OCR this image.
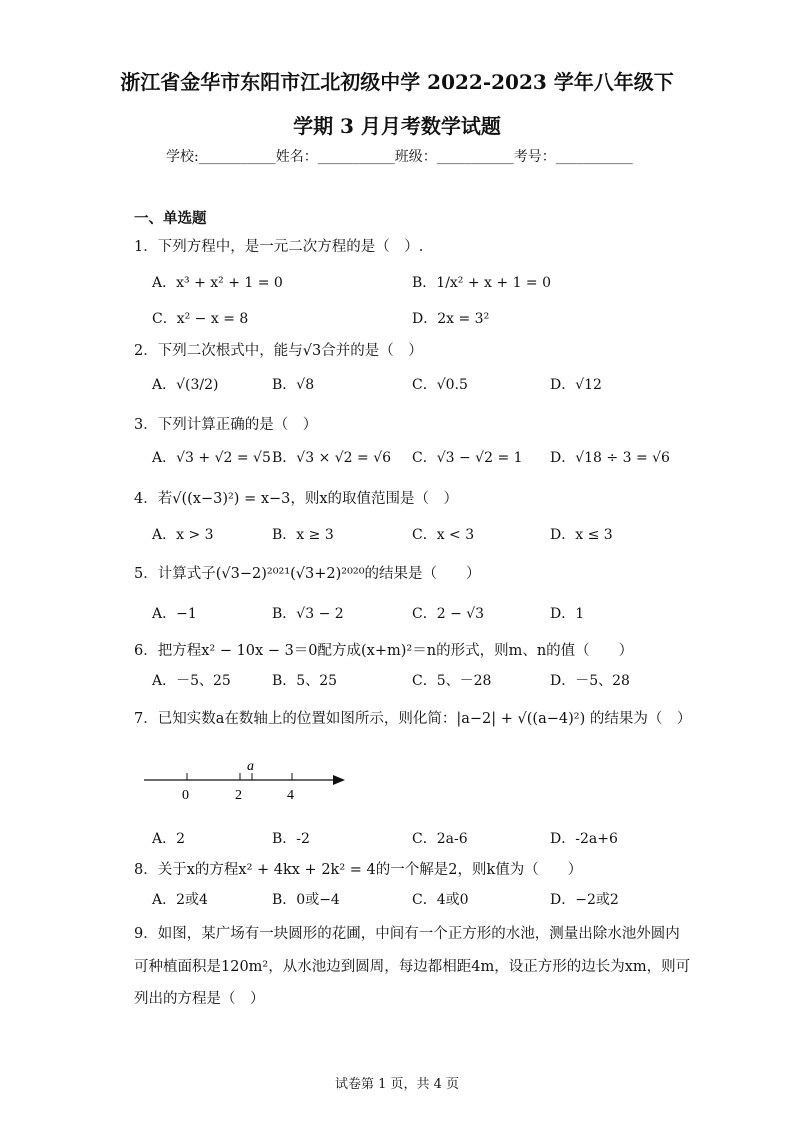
浙江省金华市东阳市江北初级中学 2022-2023 学年八年级下
学期 3 月月考数学试题
学校:___________姓名：___________班级：___________考号：___________
一、单选题
1．下列方程中，是一元二次方程的是（　）.
A．x³ + x² + 1 = 0	B．1/x² + x + 1 = 0
C．x² − x = 8	D．2x = 3²
2．下列二次根式中，能与√3合并的是（　）
A．√(3/2)	B．√8	C．√0.5	D．√12
3．下列计算正确的是（　）
A．√3 + √2 = √5 B．√3 × √2 = √6 C．√3 − √2 = 1 D．√18 ÷ 3 = √6
4．若√((x−3)²) = x−3，则x的取值范围是（　）
A．x > 3	B．x ≥ 3	C．x < 3	D．x ≤ 3
5．计算式子(√3−2)²⁰²¹(√3+2)²⁰²⁰的结果是（　　）
A．−1	B．√3 − 2	C．2 − √3	D．1
6．把方程x² − 10x − 3＝0配方成(x+m)²＝n的形式，则m、n的值（　　）
A．－5、25	B．5、25	C．5、－28	D．－5、28
7．已知实数a在数轴上的位置如图所示，则化简：|a−2| + √((a−4)²) 的结果为（　）
0	2	4
a
A．2	B．-2	C．2a-6	D．-2a+6
8．关于x的方程x² + 4kx + 2k² = 4的一个解是2，则k值为（　　）
A．2或4	B．0或−4	C．4或0	D．−2或2
9．如图，某广场有一块圆形的花圃，中间有一个正方形的水池，测量出除水池外圆内
可种植面积是120m²，从水池边到圆周，每边都相距4m，设正方形的边长为xm，则可
列出的方程是（　）
试卷第 1 页，共 4 页
